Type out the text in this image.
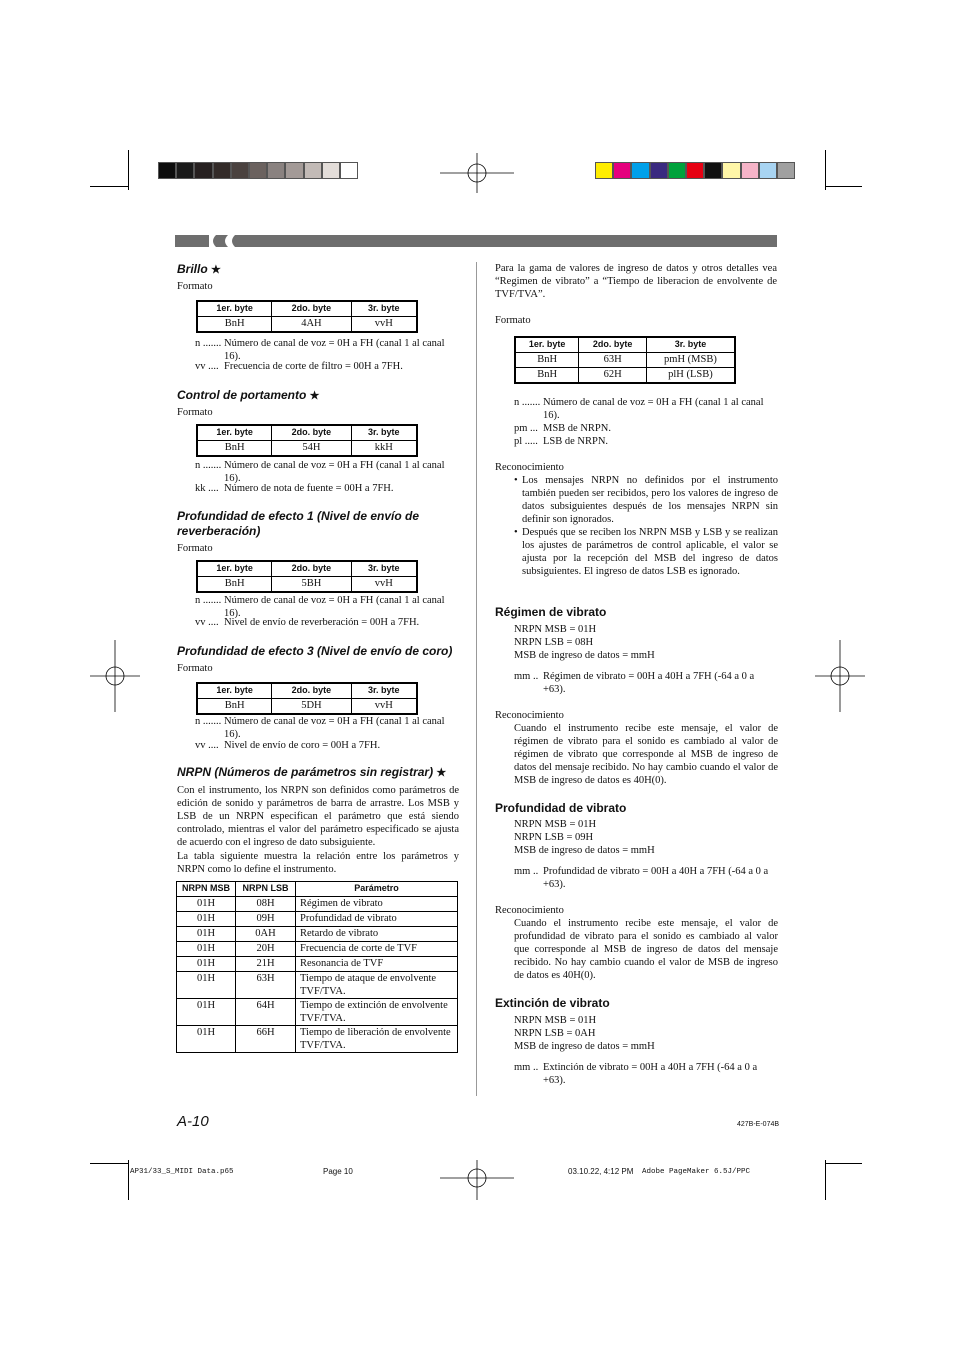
Brillo ★
Formato
1er. byte	2do. byte	3r. byte
BnH	4AH	vvH
n ....... Número de canal de voz = 0H a FH (canal 1 al canal 16).
vv .... Frecuencia de corte de filtro = 00H a 7FH.
Control de portamento ★
Formato
1er. byte	2do. byte	3r. byte
BnH	54H	kkH
n ....... Número de canal de voz = 0H a FH (canal 1 al canal 16).
kk .... Número de nota de fuente = 00H a 7FH.
Profundidad de efecto 1 (Nivel de envío de reverberación)
Formato
1er. byte	2do. byte	3r. byte
BnH	5BH	vvH
n ....... Número de canal de voz = 0H a FH (canal 1 al canal 16).
vv .... Nivel de envío de reverberación = 00H a 7FH.
Profundidad de efecto 3 (Nivel de envío de coro)
Formato
1er. byte	2do. byte	3r. byte
BnH	5DH	vvH
n ....... Número de canal de voz = 0H a FH (canal 1 al canal 16).
vv .... Nivel de envío de coro = 00H a 7FH.
NRPN (Números de parámetros sin registrar) ★
Con el instrumento, los NRPN son definidos como parámetros de edición de sonido y parámetros de barra de arrastre. Los MSB y LSB de un NRPN especifican el parámetro que está siendo controlado, mientras el valor del parámetro especificado se ajusta de acuerdo con el ingreso de dato subsiguiente.
La tabla siguiente muestra la relación entre los parámetros y NRPN como lo define el instrumento.
NRPN MSB	NRPN LSB	Parámetro
01H	08H	Régimen de vibrato
01H	09H	Profundidad de vibrato
01H	0AH	Retardo de vibrato
01H	20H	Frecuencia de corte de TVF
01H	21H	Resonancia de TVF
01H	63H	Tiempo de ataque de envolvente TVF/TVA.
01H	64H	Tiempo de extinción de envolvente TVF/TVA.
01H	66H	Tiempo de liberación de envolvente TVF/TVA.
Para la gama de valores de ingreso de datos y otros detalles vea “Regimen de vibrato” a “Tiempo de liberacion de envolvente de TVF/TVA”.
Formato
1er. byte	2do. byte	3r. byte
BnH	63H	pmH (MSB)
BnH	62H	plH (LSB)
n ....... Número de canal de voz = 0H a FH (canal 1 al canal 16).
pm ... MSB de NRPN.
pl ..... LSB de NRPN.
Reconocimiento
• Los mensajes NRPN no definidos por el instrumento también pueden ser recibidos, pero los valores de ingreso de datos subsiguientes después de los mensajes NRPN sin definir son ignorados.
• Después que se reciben los NRPN MSB y LSB y se realizan los ajustes de parámetros de control aplicable, el valor se ajusta por la recepción del MSB del ingreso de datos subsiguientes. El ingreso de datos LSB es ignorado.
Régimen de vibrato
NRPN MSB = 01H
NRPN LSB = 08H
MSB de ingreso de datos = mmH
mm .. Régimen de vibrato = 00H a 40H a 7FH (-64 a 0 a +63).
Reconocimiento
Cuando el instrumento recibe este mensaje, el valor de régimen de vibrato para el sonido es cambiado al valor de régimen de vibrato que corresponde al MSB de ingreso de datos del mensaje recibido. No hay cambio cuando el valor de MSB de ingreso de datos es 40H(0).
Profundidad de vibrato
NRPN MSB = 01H
NRPN LSB = 09H
MSB de ingreso de datos = mmH
mm .. Profundidad de vibrato = 00H a 40H a 7FH (-64 a 0 a +63).
Reconocimiento
Cuando el instrumento recibe este mensaje, el valor de profundidad de vibrato para el sonido es cambiado al valor que corresponde al MSB de ingreso de datos del mensaje recibido. No hay cambio cuando el valor de MSB de ingreso de datos es 40H(0).
Extinción de vibrato
NRPN MSB = 01H
NRPN LSB = 0AH
MSB de ingreso de datos = mmH
mm .. Extinción de vibrato = 00H a 40H a 7FH (-64 a 0 a +63).
A-10	427B-E-074B
AP31/33_S_MIDI Data.p65	Page 10	03.10.22, 4:12 PM Adobe PageMaker 6.5J/PPC
